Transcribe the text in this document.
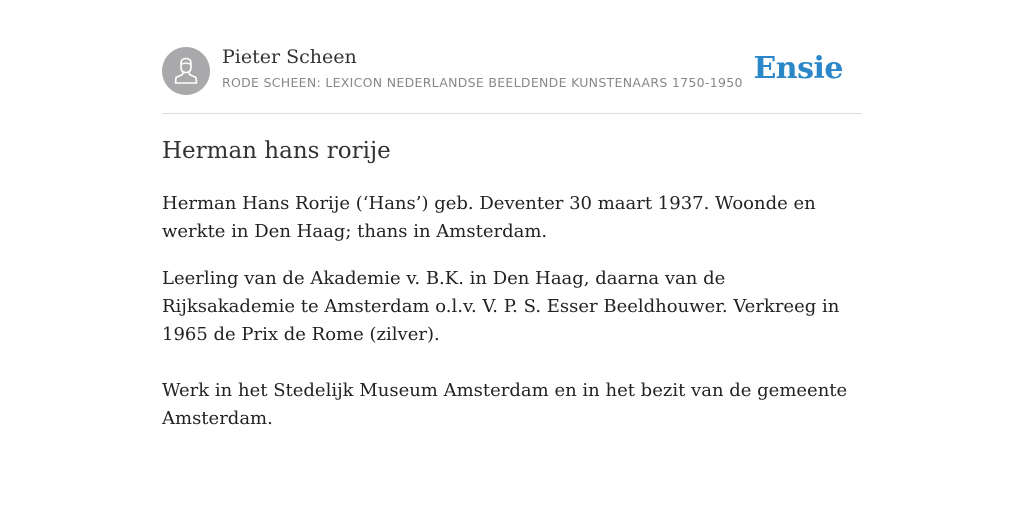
Pieter Scheen
RODE SCHEEN: LEXICON NEDERLANDSE BEELDENDE KUNSTENAARS 1750-1950 Ensie
Herman hans rorije

Herman Hans Rorije (‘Hans’) geb. Deventer 30 maart 1937. Woonde en werkte in Den Haag; thans in Amsterdam.

Leerling van de Akademie v. B.K. in Den Haag, daarna van de Rijksakademie te Amsterdam o.l.v. V. P. S. Esser Beeldhouwer. Verkreeg in 1965 de Prix de Rome (zilver).

Werk in het Stedelijk Museum Amsterdam en in het bezit van de gemeente Amsterdam.
